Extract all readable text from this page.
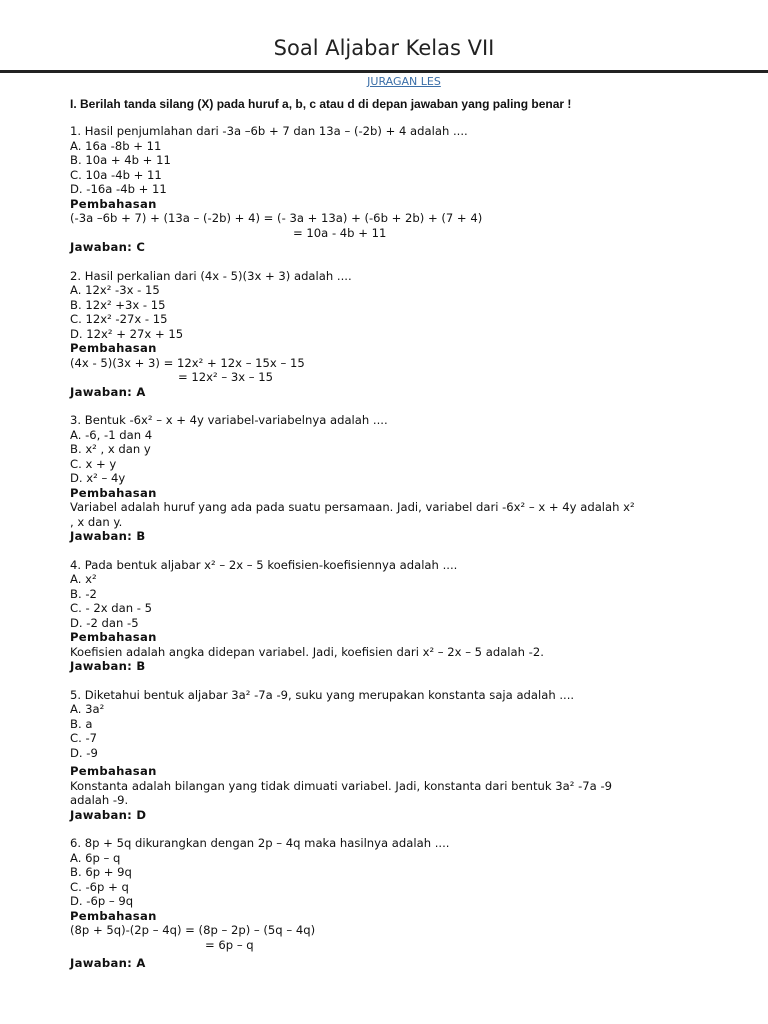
Soal Aljabar Kelas VII
JURAGAN LES
I. Berilah tanda silang (X) pada huruf a, b, c atau d di depan jawaban yang paling benar !
1. Hasil penjumlahan dari -3a –6b + 7 dan 13a – (-2b) + 4 adalah ....
A. 16a -8b + 11
B. 10a + 4b + 11
C. 10a -4b + 11
D. -16a -4b + 11
Pembahasan
(-3a –6b + 7) + (13a – (-2b) + 4) = (- 3a + 13a) + (-6b + 2b) + (7 + 4)
= 10a - 4b + 11
Jawaban: C
2. Hasil perkalian dari (4x - 5)(3x + 3) adalah ....
A. 12x² -3x - 15
B. 12x² +3x - 15
C. 12x² -27x - 15
D. 12x² + 27x + 15
Pembahasan
(4x - 5)(3x + 3) = 12x² + 12x – 15x – 15
= 12x² – 3x – 15
Jawaban: A
3. Bentuk -6x² – x + 4y variabel-variabelnya adalah ....
A. -6, -1 dan 4
B. x² , x dan y
C. x + y
D. x² – 4y
Pembahasan
Variabel adalah huruf yang ada pada suatu persamaan. Jadi, variabel dari -6x² – x + 4y adalah x²
, x dan y.
Jawaban: B
4. Pada bentuk aljabar x² – 2x – 5 koefisien-koefisiennya adalah ....
A. x²
B. -2
C. - 2x dan - 5
D. -2 dan -5
Pembahasan
Koefisien adalah angka didepan variabel. Jadi, koefisien dari x² – 2x – 5 adalah -2.
Jawaban: B
5. Diketahui bentuk aljabar 3a² -7a -9, suku yang merupakan konstanta saja adalah ....
A. 3a²
B. a
C. -7
D. -9
Pembahasan
Konstanta adalah bilangan yang tidak dimuati variabel. Jadi, konstanta dari bentuk 3a² -7a -9
adalah -9.
Jawaban: D
6. 8p + 5q dikurangkan dengan 2p – 4q maka hasilnya adalah ....
A. 6p – q
B. 6p + 9q
C. -6p + q
D. -6p – 9q
Pembahasan
(8p + 5q)-(2p – 4q) = (8p – 2p) – (5q – 4q)
= 6p – q
Jawaban: A
